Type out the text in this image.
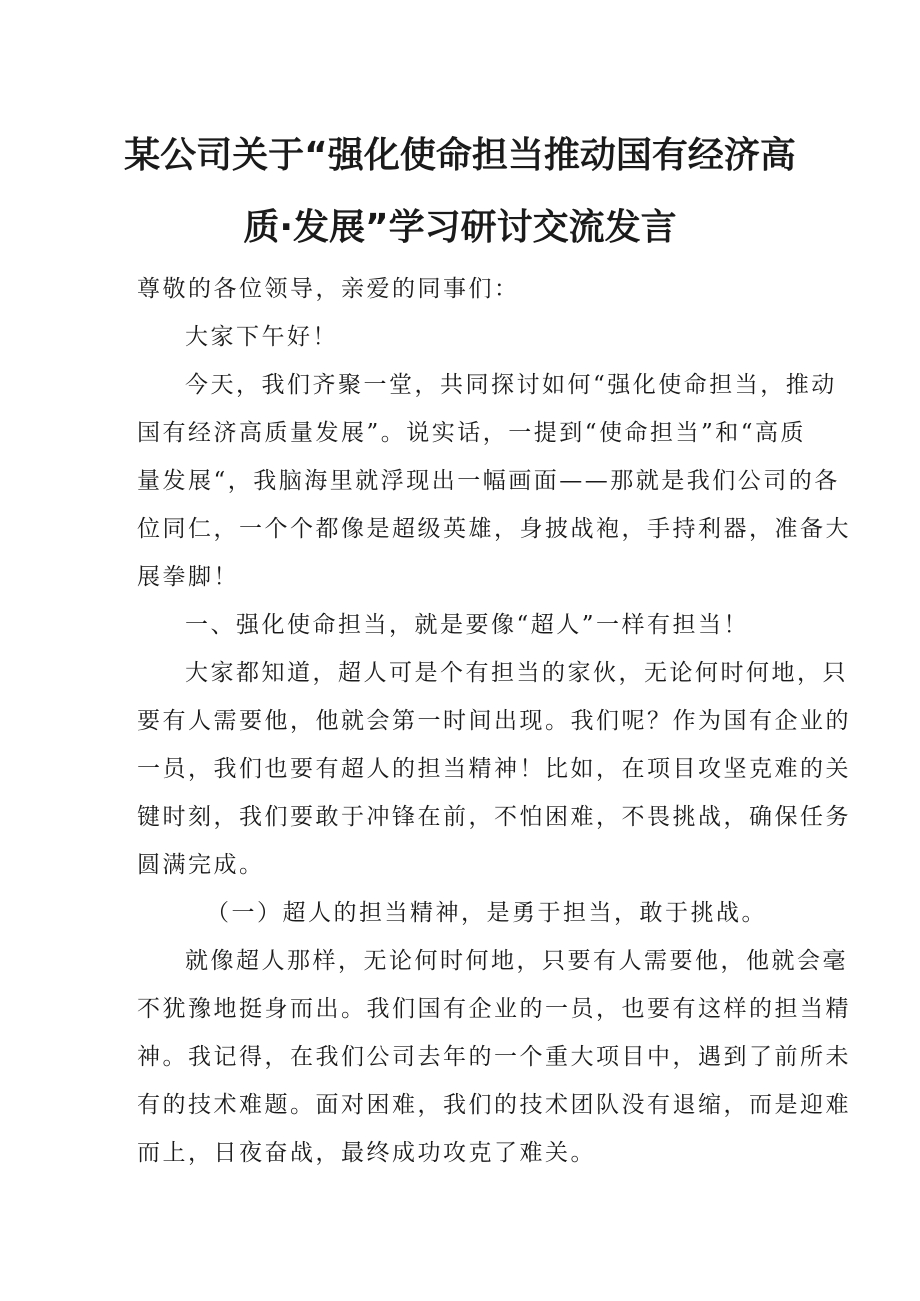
某公司关于“强化使命担当推动国有经济高
质·发展”学习研讨交流发言
尊敬的各位领导，亲爱的同事们：
大家下午好！
今天，我们齐聚一堂，共同探讨如何“强化使命担当，推动
国有经济高质量发展”。说实话，一提到“使命担当”和“高质
量发展“，我脑海里就浮现出一幅画面——那就是我们公司的各
位同仁，一个个都像是超级英雄，身披战袍，手持利器，准备大
展拳脚！
一、强化使命担当，就是要像“超人”一样有担当！
大家都知道，超人可是个有担当的家伙，无论何时何地，只
要有人需要他，他就会第一时间出现。我们呢？作为国有企业的
一员，我们也要有超人的担当精神！比如，在项目攻坚克难的关
键时刻，我们要敢于冲锋在前，不怕困难，不畏挑战，确保任务
圆满完成。
（一）超人的担当精神，是勇于担当，敢于挑战。
就像超人那样，无论何时何地，只要有人需要他，他就会毫
不犹豫地挺身而出。我们国有企业的一员，也要有这样的担当精
神。我记得，在我们公司去年的一个重大项目中，遇到了前所未
有的技术难题。面对困难，我们的技术团队没有退缩，而是迎难
而上，日夜奋战，最终成功攻克了难关。
